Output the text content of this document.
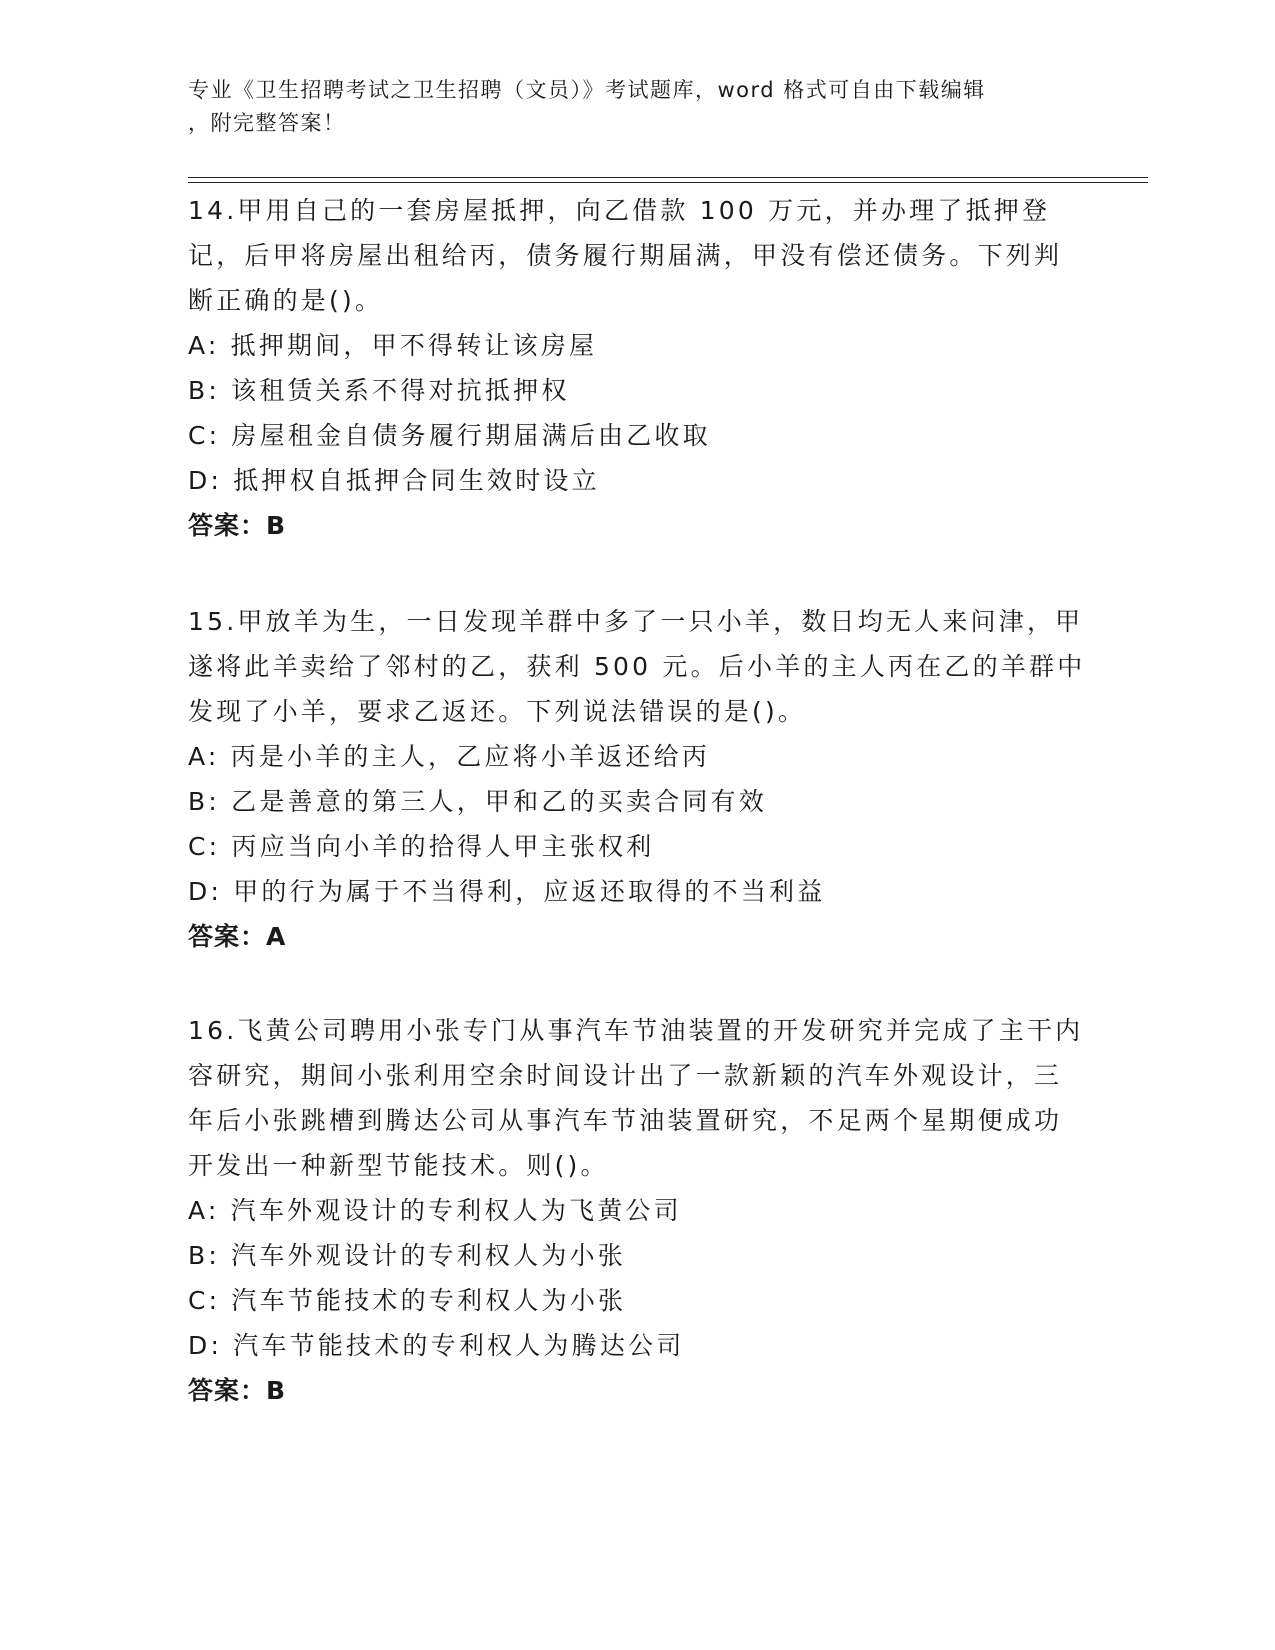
专业《卫生招聘考试之卫生招聘（文员）》考试题库，word 格式可自由下载编辑
，附完整答案！

14.甲用自己的一套房屋抵押，向乙借款 100 万元，并办理了抵押登记，后甲将房屋出租给丙，债务履行期届满，甲没有偿还债务。下列判断正确的是()。

A: 抵押期间，甲不得转让该房屋

B: 该租赁关系不得对抗抵押权

C: 房屋租金自债务履行期届满后由乙收取

D: 抵押权自抵押合同生效时设立

答案：B

15.甲放羊为生，一日发现羊群中多了一只小羊，数日均无人来问津，甲遂将此羊卖给了邻村的乙，获利 500 元。后小羊的主人丙在乙的羊群中发现了小羊，要求乙返还。下列说法错误的是()。

A: 丙是小羊的主人，乙应将小羊返还给丙

B: 乙是善意的第三人，甲和乙的买卖合同有效

C: 丙应当向小羊的拾得人甲主张权利

D: 甲的行为属于不当得利，应返还取得的不当利益

答案：A

16.飞黄公司聘用小张专门从事汽车节油装置的开发研究并完成了主干内容研究，期间小张利用空余时间设计出了一款新颖的汽车外观设计，三年后小张跳槽到腾达公司从事汽车节油装置研究，不足两个星期便成功开发出一种新型节能技术。则()。

A: 汽车外观设计的专利权人为飞黄公司

B: 汽车外观设计的专利权人为小张

C: 汽车节能技术的专利权人为小张

D: 汽车节能技术的专利权人为腾达公司

答案：B
